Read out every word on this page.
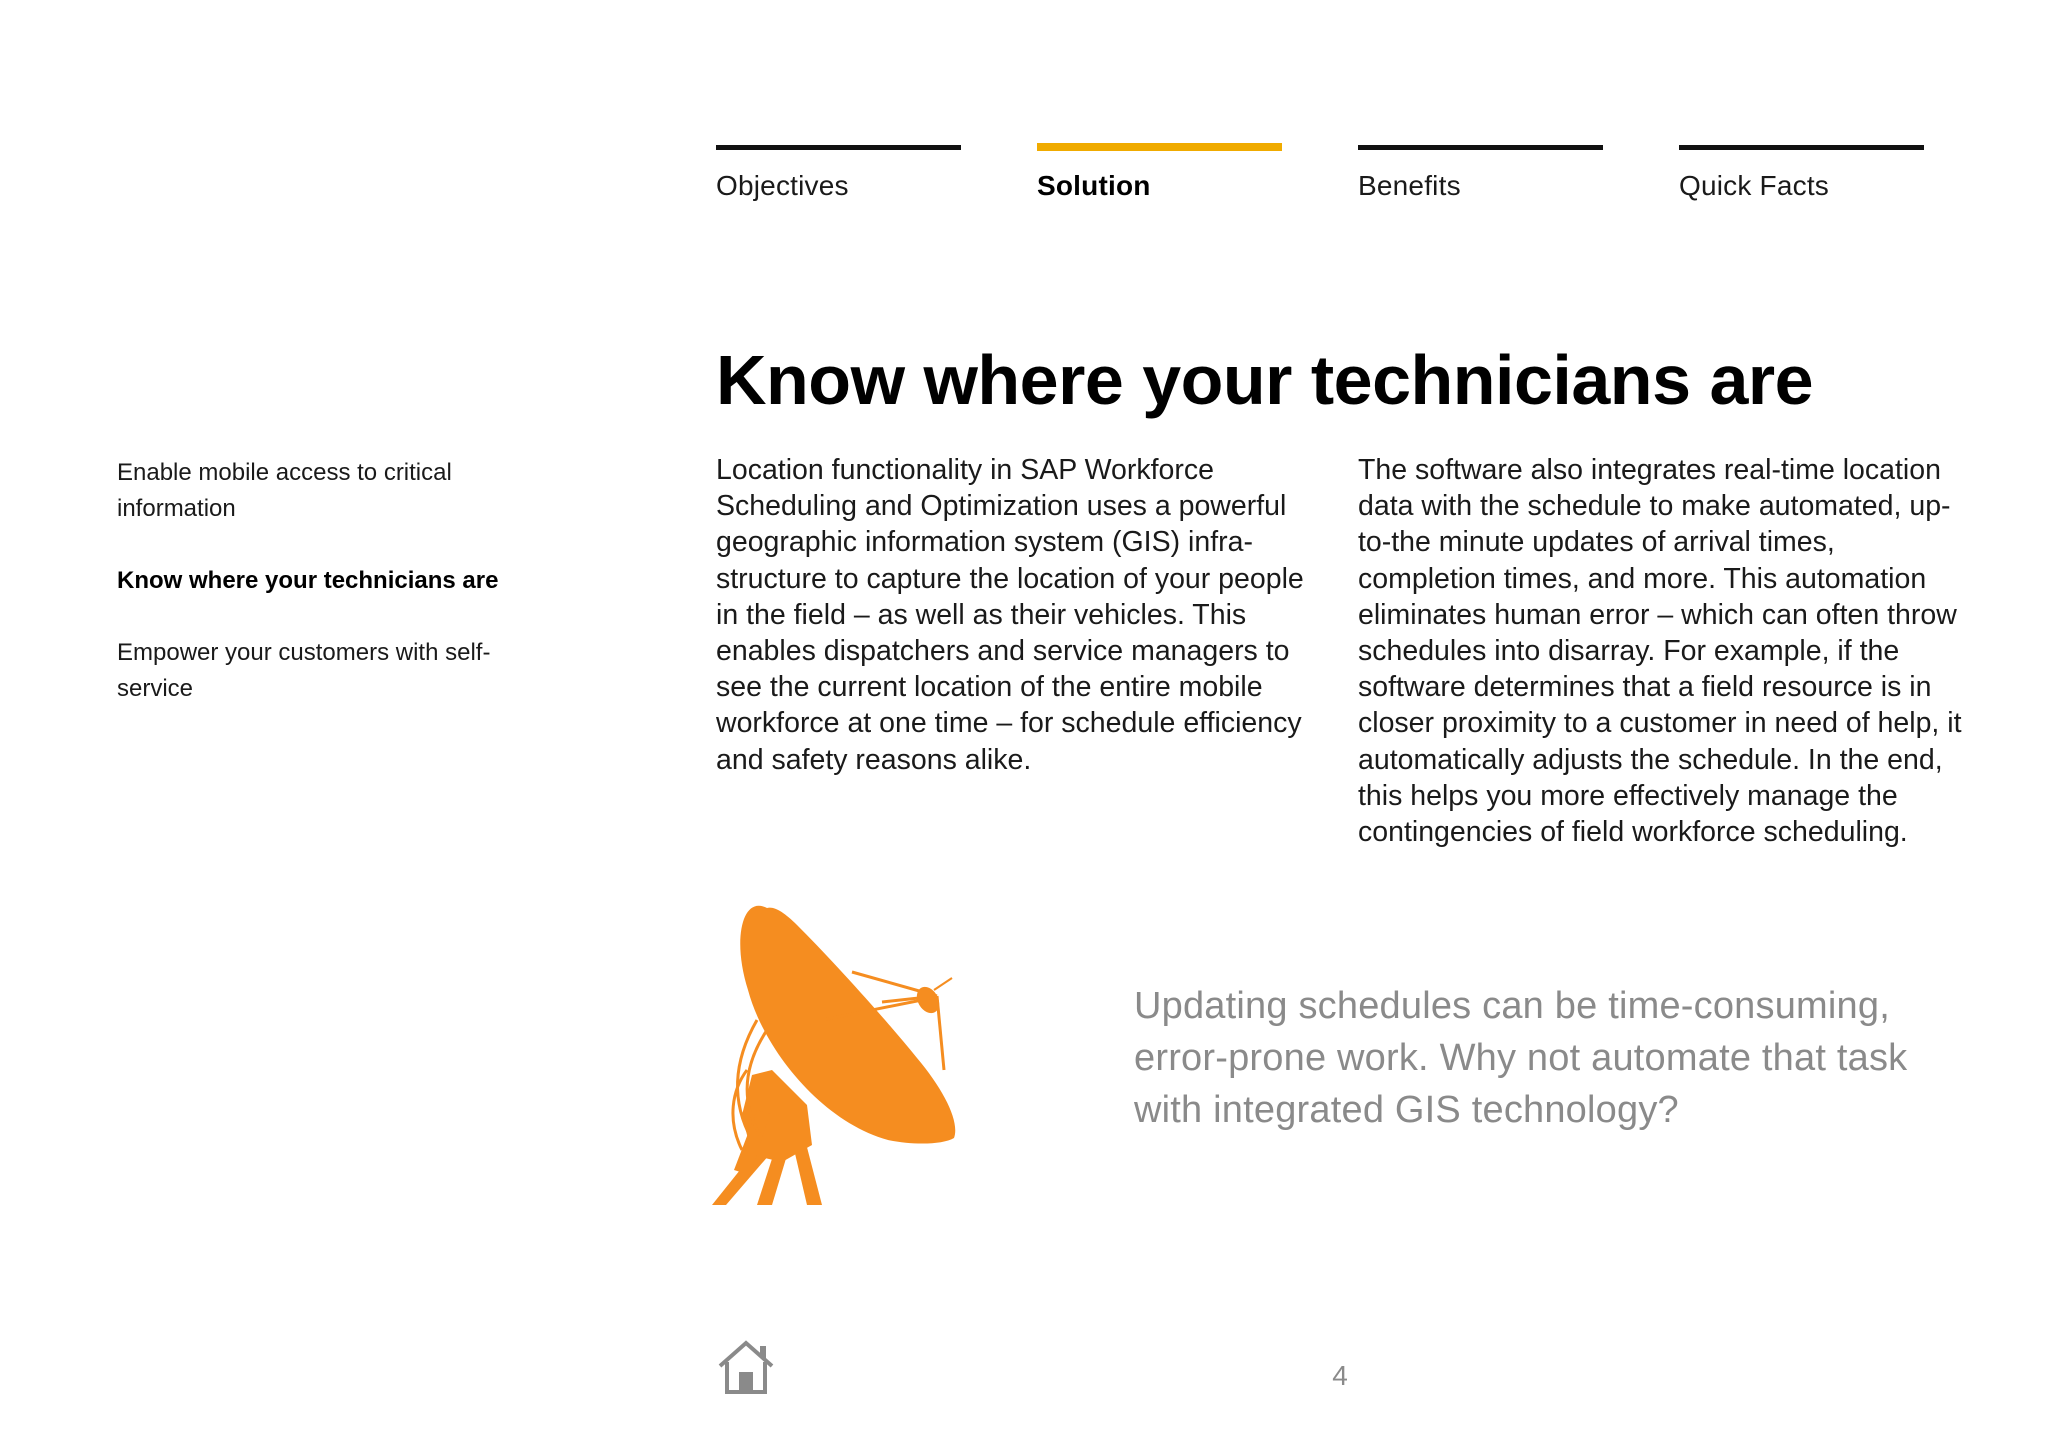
Objectives	Solution	Benefits	Quick Facts
Enable mobile access to critical information
Know where your technicians are
Empower your customers with self-service
Know where your technicians are

Location functionality in SAP Workforce Scheduling and Optimization uses a powerful geographic information system (GIS) infra-structure to capture the location of your people in the field – as well as their vehicles. This enables dispatchers and service managers to see the current location of the entire mobile workforce at one time – for schedule efficiency and safety reasons alike.

The software also integrates real-time location data with the schedule to make automated, up-to-the minute updates of arrival times, completion times, and more. This automation eliminates human error – which can often throw schedules into disarray. For example, if the software determines that a field resource is in closer proximity to a customer in need of help, it automatically adjusts the schedule. In the end, this helps you more effectively manage the contingencies of field workforce scheduling.

Updating schedules can be time-consuming, error-prone work. Why not automate that task with integrated GIS technology?

4
